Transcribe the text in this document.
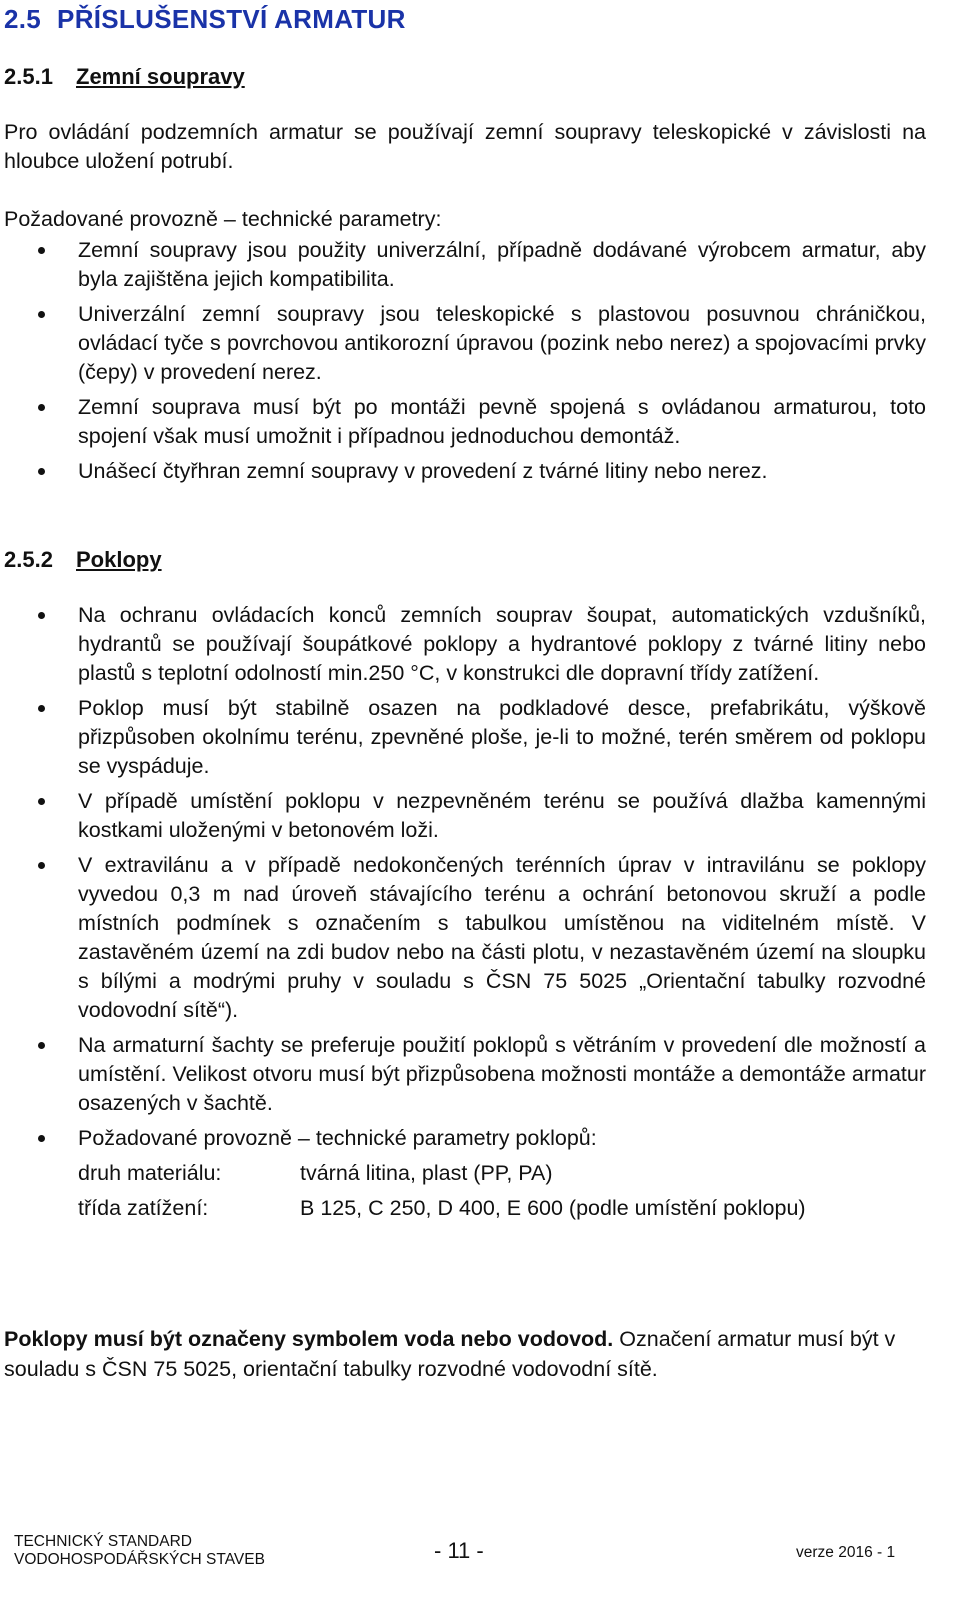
2.5 PŘÍSLUŠENSTVÍ ARMATUR
2.5.1 Zemní soupravy
Pro ovládání podzemních armatur se používají zemní soupravy teleskopické v závislosti na hloubce uložení potrubí.
Požadované provozně – technické parametry:
Zemní soupravy jsou použity univerzální, případně dodávané výrobcem armatur, aby byla zajištěna jejich kompatibilita.
Univerzální zemní soupravy jsou teleskopické s plastovou posuvnou chráničkou, ovládací tyče s povrchovou antikorozní úpravou (pozink nebo nerez) a spojovacími prvky (čepy) v provedení nerez.
Zemní souprava musí být po montáži pevně spojená s ovládanou armaturou, toto spojení však musí umožnit i případnou jednoduchou demontáž.
Unášecí čtyřhran zemní soupravy v provedení z tvárné litiny nebo nerez.
2.5.2 Poklopy
Na ochranu ovládacích konců zemních souprav šoupat, automatických vzdušníků, hydrantů se používají šoupátkové poklopy a hydrantové poklopy z tvárné litiny nebo plastů s teplotní odolností min.250 °C, v konstrukci dle dopravní třídy zatížení.
Poklop musí být stabilně osazen na podkladové desce, prefabrikátu, výškově přizpůsoben okolnímu terénu, zpevněné ploše, je-li to možné, terén směrem od poklopu se vyspáduje.
V případě umístění poklopu v nezpevněném terénu se používá dlažba kamennými kostkami uloženými v betonovém loži.
V extravilánu a v případě nedokončených terénních úprav v intravilánu se poklopy vyvedou 0,3 m nad úroveň stávajícího terénu a ochrání betonovou skruží a podle místních podmínek s označením s tabulkou umístěnou na viditelném místě. V zastavěném území na zdi budov nebo na části plotu, v nezastavěném území na sloupku s bílými a modrými pruhy v souladu s ČSN 75 5025 „Orientační tabulky rozvodné vodovodní sítě“).
Na armaturní šachty se preferuje použití poklopů s větráním v provedení dle možností a umístění. Velikost otvoru musí být přizpůsobena možnosti montáže a demontáže armatur osazených v šachtě.
Požadované provozně – technické parametry poklopů:
druh materiálu:	tvárná litina, plast (PP, PA)
třída zatížení:	B 125, C 250, D 400, E 600 (podle umístění poklopu)
Poklopy musí být označeny symbolem voda nebo vodovod. Označení armatur musí být v souladu s ČSN 75 5025, orientační tabulky rozvodné vodovodní sítě.
TECHNICKÝ STANDARD
VODOHOSPODÁŘSKÝCH STAVEB	- 11 -	verze 2016 - 1
